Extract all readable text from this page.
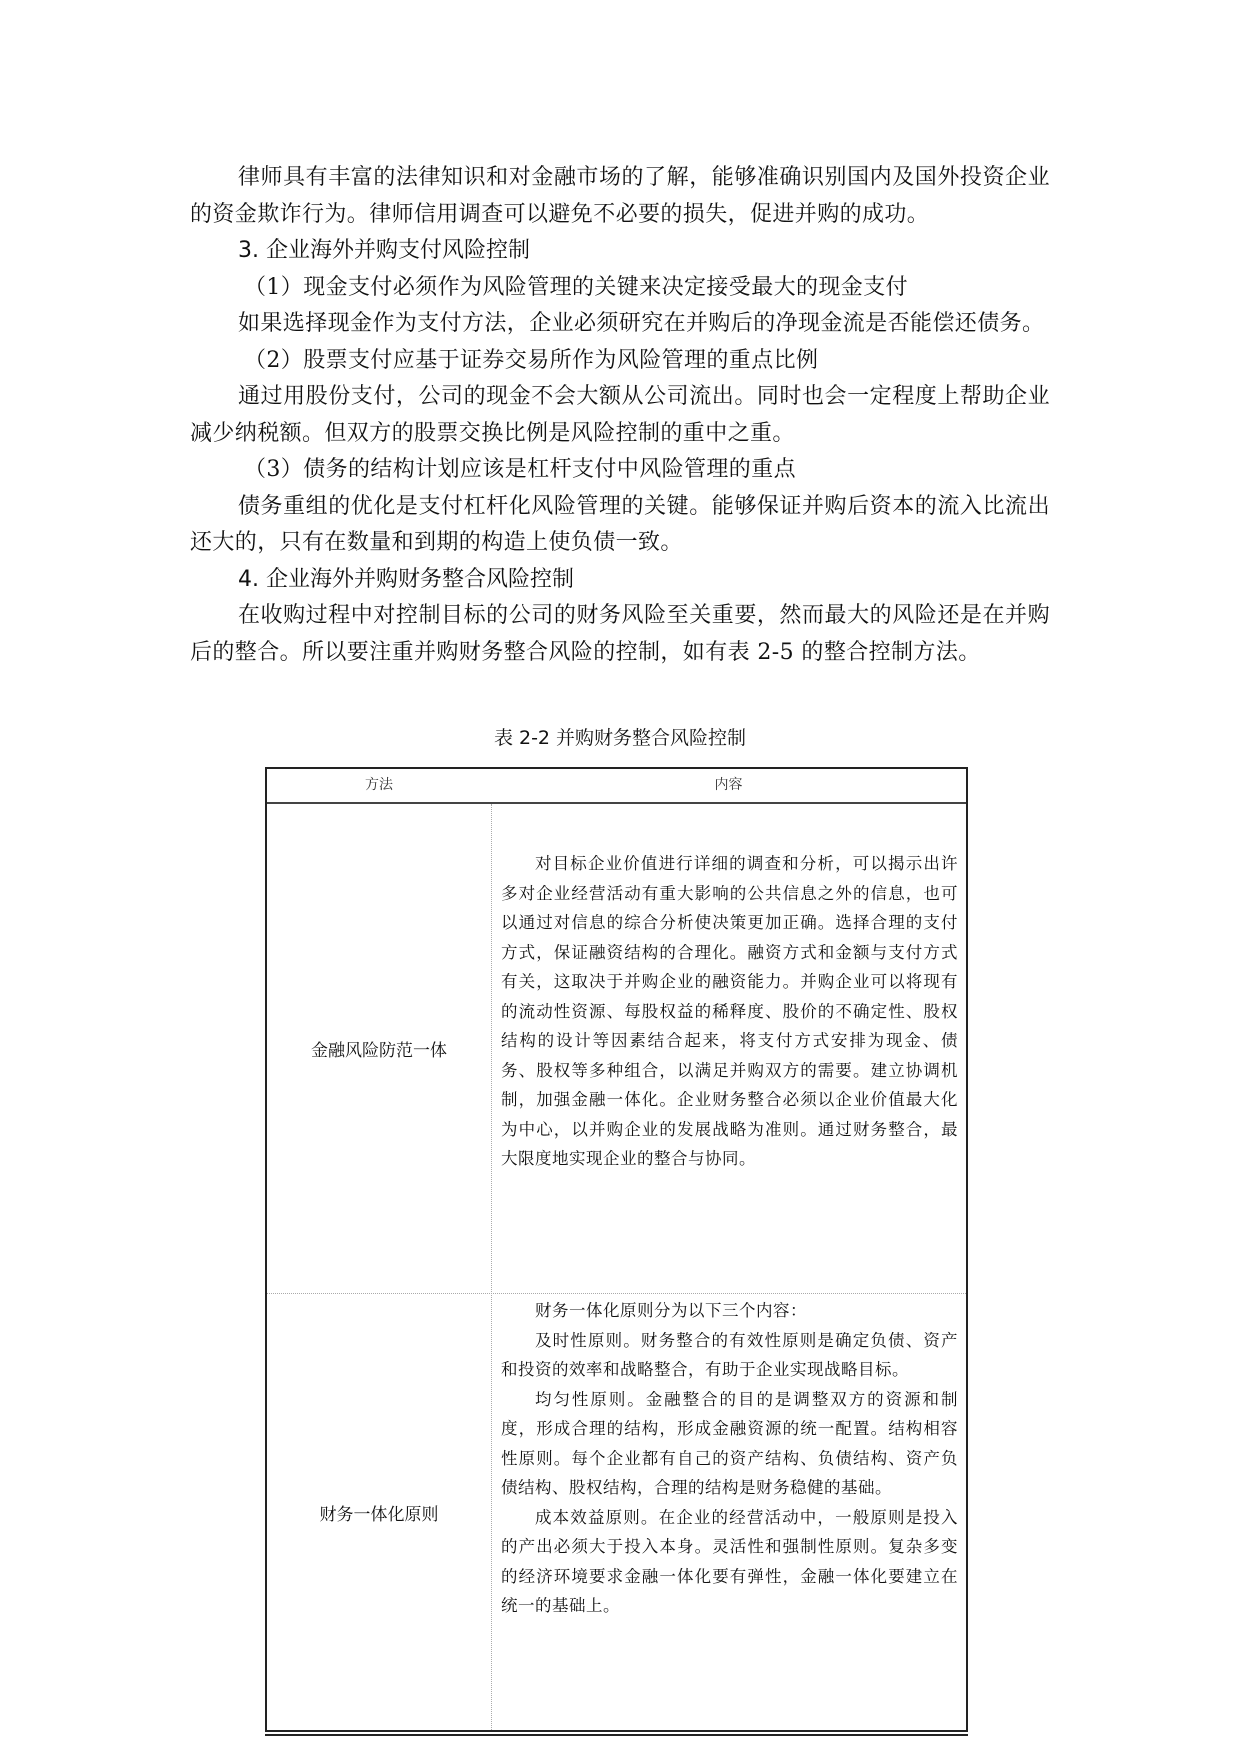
律师具有丰富的法律知识和对金融市场的了解，能够准确识别国内及国外投资企业的资金欺诈行为。律师信用调查可以避免不必要的损失，促进并购的成功。

3. 企业海外并购支付风险控制

（1）现金支付必须作为风险管理的关键来决定接受最大的现金支付

如果选择现金作为支付方法，企业必须研究在并购后的净现金流是否能偿还债务。

（2）股票支付应基于证券交易所作为风险管理的重点比例

通过用股份支付，公司的现金不会大额从公司流出。同时也会一定程度上帮助企业减少纳税额。但双方的股票交换比例是风险控制的重中之重。

（3）债务的结构计划应该是杠杆支付中风险管理的重点

债务重组的优化是支付杠杆化风险管理的关键。能够保证并购后资本的流入比流出还大的，只有在数量和到期的构造上使负债一致。

4. 企业海外并购财务整合风险控制

在收购过程中对控制目标的公司的财务风险至关重要，然而最大的风险还是在并购后的整合。所以要注重并购财务整合风险的控制，如有表 2-5 的整合控制方法。

表 2-2 并购财务整合风险控制

方法	内容
金融风险防范一体

对目标企业价值进行详细的调查和分析，可以揭示出许多对企业经营活动有重大影响的公共信息之外的信息，也可以通过对信息的综合分析使决策更加正确。选择合理的支付方式，保证融资结构的合理化。融资方式和金额与支付方式有关，这取决于并购企业的融资能力。并购企业可以将现有的流动性资源、每股权益的稀释度、股价的不确定性、股权结构的设计等因素结合起来，将支付方式安排为现金、债务、股权等多种组合，以满足并购双方的需要。建立协调机制，加强金融一体化。企业财务整合必须以企业价值最大化为中心，以并购企业的发展战略为准则。通过财务整合，最大限度地实现企业的整合与协同。

财务一体化原则

财务一体化原则分为以下三个内容：

及时性原则。财务整合的有效性原则是确定负债、资产和投资的效率和战略整合，有助于企业实现战略目标。

均匀性原则。金融整合的目的是调整双方的资源和制度，形成合理的结构，形成金融资源的统一配置。结构相容性原则。每个企业都有自己的资产结构、负债结构、资产负债结构、股权结构，合理的结构是财务稳健的基础。

成本效益原则。在企业的经营活动中，一般原则是投入的产出必须大于投入本身。灵活性和强制性原则。复杂多变的经济环境要求金融一体化要有弹性，金融一体化要建立在统一的基础上。
